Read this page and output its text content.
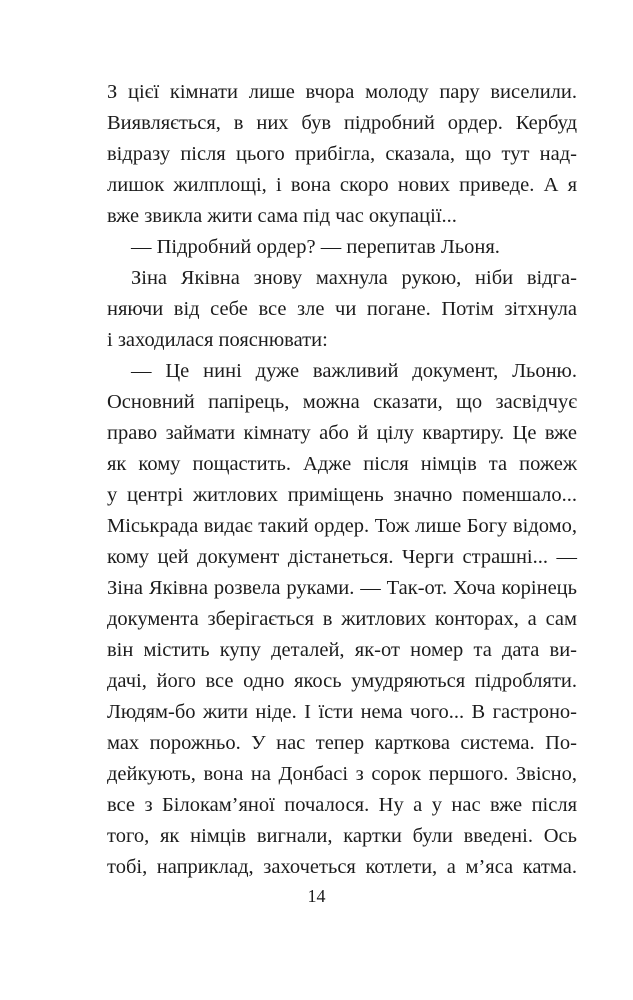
З цієї кімнати лише вчора молоду пару виселили.
Виявляється, в них був підробний ордер. Кербуд
відразу після цього прибігла, сказала, що тут над-
лишок жилплощі, і вона скоро нових приведе. А я
вже звикла жити сама під час окупації...
— Підробний ордер? — перепитав Льоня.
Зіна Яківна знову махнула рукою, ніби відга-
няючи від себе все зле чи погане. Потім зітхнула
і заходилася пояснювати:
— Це нині дуже важливий документ, Льоню.
Основний папірець, можна сказати, що засвідчує
право займати кімнату або й цілу квартиру. Це вже
як кому пощастить. Адже після німців та пожеж
у центрі житлових приміщень значно поменшало...
Міськрада видає такий ордер. Тож лише Богу відомо,
кому цей документ дістанеться. Черги страшні... —
Зіна Яківна розвела руками. — Так-от. Хоча корінець
документа зберігається в житлових конторах, а сам
він містить купу деталей, як-от номер та дата ви-
дачі, його все одно якось умудряються підробляти.
Людям-бо жити ніде. І їсти нема чого... В гастроно-
мах порожньо. У нас тепер карткова система. По-
дейкують, вона на Донбасі з сорок першого. Звісно,
все з Білокам’яної почалося. Ну а у нас вже після
того, як німців вигнали, картки були введені. Ось
тобі, наприклад, захочеться котлети, а м’яса катма.
14
